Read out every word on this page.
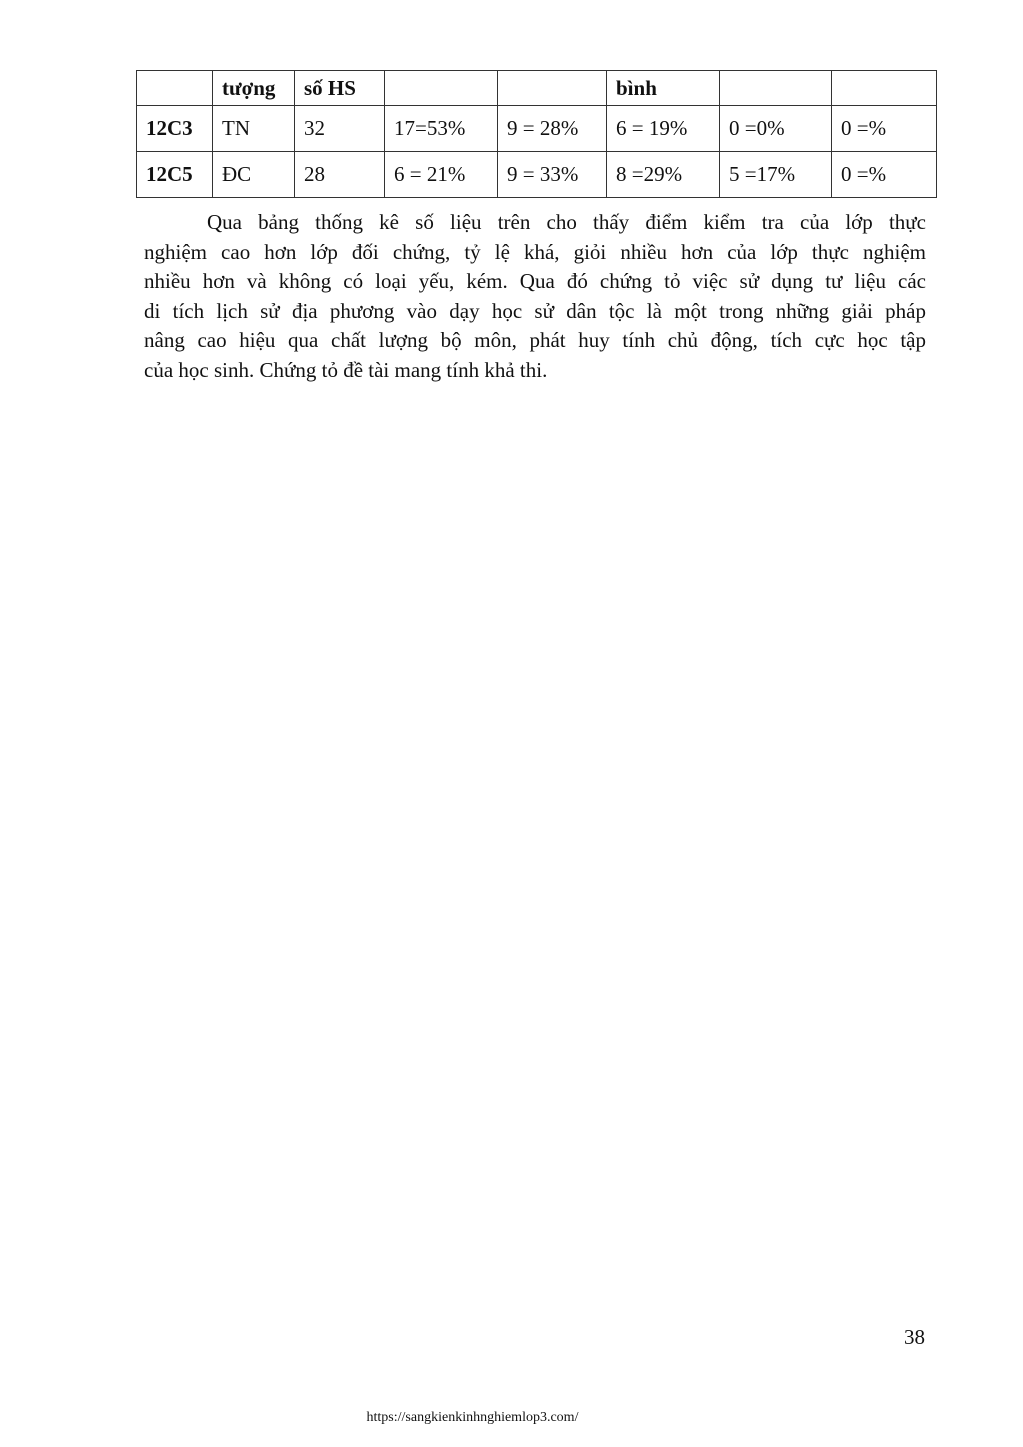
	tượng	số HS			bình		
12C3	TN	32	17=53%	9 = 28%	6 = 19%	0 =0%	0 =%
12C5	ĐC	28	6 = 21%	9 = 33%	8 =29%	5 =17%	0 =%
Qua bảng thống kê số liệu trên cho thấy điểm kiểm tra của lớp thực
nghiệm cao hơn lớp đối chứng, tỷ lệ khá, giỏi nhiều hơn của lớp thực nghiệm
nhiều hơn và không có loại yếu, kém. Qua đó chứng tỏ việc sử dụng tư liệu các
di tích lịch sử địa phương vào dạy học sử dân tộc là một trong những giải pháp
nâng cao hiệu qua chất lượng bộ môn, phát huy tính chủ động, tích cực học tập
của học sinh. Chứng tỏ đề tài mang tính khả thi.
38
https://sangkienkinhnghiemlop3.com/
